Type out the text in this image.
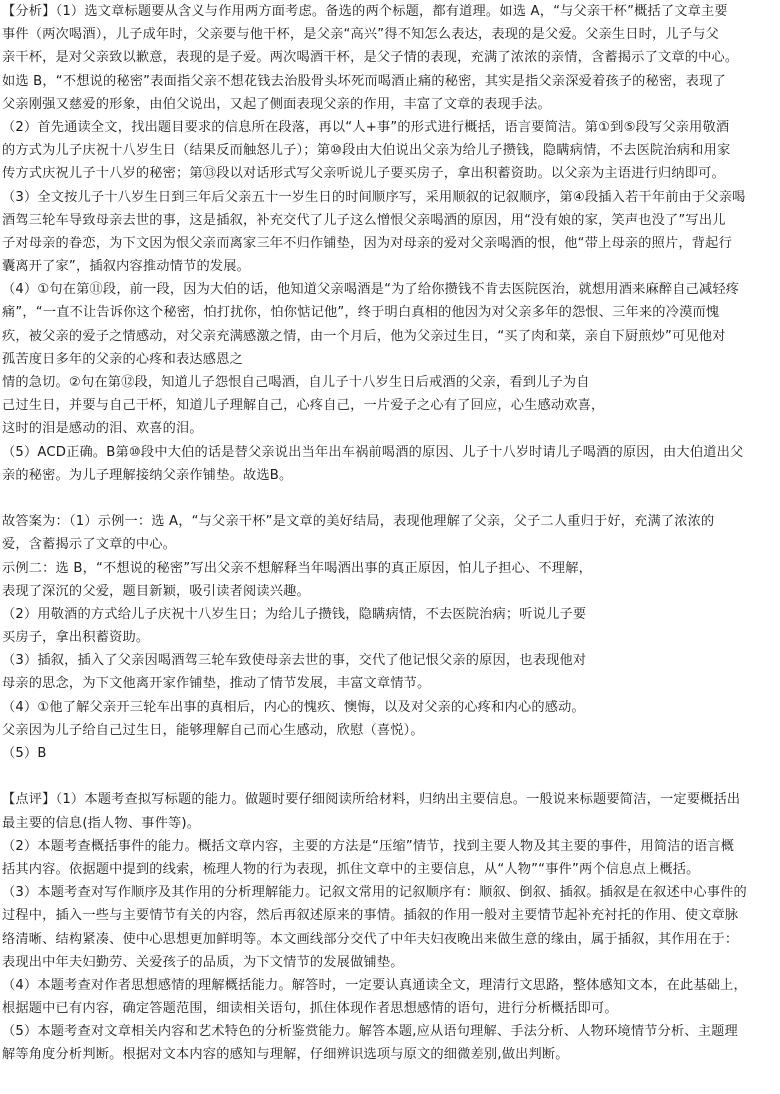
【分析】（1）选文章标题要从含义与作用两方面考虑。备选的两个标题，都有道理。如选 A，“与父亲干杯”概括了文章主要
事件（两次喝酒），儿子成年时，父亲要与他干杯，是父亲“高兴”得不知怎么表达，表现的是父爱。父亲生日时，儿子与父
亲干杯，是对父亲致以歉意，表现的是子爱。两次喝酒干杯，是父子情的表现，充满了浓浓的亲情，含蓄揭示了文章的中心。
如选 B，“不想说的秘密”表面指父亲不想花钱去治股骨头坏死而喝酒止痛的秘密，其实是指父亲深爱着孩子的秘密，表现了
父亲刚强又慈爱的形象，由伯父说出，又起了侧面表现父亲的作用，丰富了文章的表现手法。
（2）首先通读全文，找出题目要求的信息所在段落，再以“人+事”的形式进行概括，语言要简洁。第①到⑤段写父亲用敬酒
的方式为儿子庆祝十八岁生日（结果反而触怒儿子）；第⑩段由大伯说出父亲为给儿子攒钱，隐瞒病情，不去医院治病和用家
传方式庆祝儿子十八岁的秘密；第⑬段以对话形式写父亲听说儿子要买房子，拿出积蓄资助。以父亲为主语进行归纳即可。
（3）全文按儿子十八岁生日到三年后父亲五十一岁生日的时间顺序写，采用顺叙的记叙顺序，第④段插入若干年前由于父亲喝
酒驾三轮车导致母亲去世的事，这是插叙，补充交代了儿子这么憎恨父亲喝酒的原因，用“没有娘的家，笑声也没了”写出儿
子对母亲的眷恋，为下文因为恨父亲而离家三年不归作铺垫，因为对母亲的爱对父亲喝酒的恨，他“带上母亲的照片，背起行
囊离开了家”，插叙内容推动情节的发展。
（4）①句在第⑪段，前一段，因为大伯的话，他知道父亲喝酒是“为了给你攒钱不肯去医院医治，就想用酒来麻醉自己减轻疼
痛”，“一直不让告诉你这个秘密，怕打扰你，怕你惦记他”，终于明白真相的他因为对父亲多年的怨恨、三年来的冷漠而愧
疚，被父亲的爱子之情感动，对父亲充满感激之情，由一个月后，他为父亲过生日，“买了肉和菜，亲自下厨煎炒”可见他对
孤苦度日多年的父亲的心疼和表达感恩之
情的急切。②句在第⑫段，知道儿子怨恨自己喝酒，自儿子十八岁生日后戒酒的父亲，看到儿子为自
己过生日，并要与自己干杯，知道儿子理解自己，心疼自己，一片爱子之心有了回应，心生感动欢喜，
这时的泪是感动的泪、欢喜的泪。
（5）ACD正确。B第⑩段中大伯的话是替父亲说出当年出车祸前喝酒的原因、儿子十八岁时请儿子喝酒的原因，由大伯道出父
亲的秘密。为儿子理解接纳父亲作铺垫。故选B。
故答案为：（1）示例一：选 A，“与父亲干杯”是文章的美好结局，表现他理解了父亲，父子二人重归于好，充满了浓浓的
爱，含蓄揭示了文章的中心。
示例二：选 B，“不想说的秘密”写出父亲不想解释当年喝酒出事的真正原因，怕儿子担心、不理解，
表现了深沉的父爱，题目新颖，吸引读者阅读兴趣。
（2）用敬酒的方式给儿子庆祝十八岁生日；为给儿子攒钱，隐瞒病情，不去医院治病；听说儿子要
买房子，拿出积蓄资助。
（3）插叙，插入了父亲因喝酒驾三轮车致使母亲去世的事，交代了他记恨父亲的原因，也表现他对
母亲的思念，为下文他离开家作铺垫，推动了情节发展，丰富文章情节。
（4）①他了解父亲开三轮车出事的真相后，内心的愧疚、懊悔，以及对父亲的心疼和内心的感动。
父亲因为儿子给自己过生日，能够理解自己而心生感动，欣慰（喜悦）。
（5）B
【点评】（1）本题考查拟写标题的能力。做题时要仔细阅读所给材料，归纳出主要信息。一般说来标题要简洁，一定要概括出
最主要的信息(指人物、事件等)。
（2）本题考查概括事件的能力。概括文章内容，主要的方法是“压缩”情节，找到主要人物及其主要的事件，用简洁的语言概
括其内容。依据题中提到的线索，梳理人物的行为表现，抓住文章中的主要信息，从“人物”“事件”两个信息点上概括。
（3）本题考查对写作顺序及其作用的分析理解能力。记叙文常用的记叙顺序有：顺叙、倒叙、插叙。插叙是在叙述中心事件的
过程中，插入一些与主要情节有关的内容，然后再叙述原来的事情。插叙的作用一般对主要情节起补充衬托的作用、使文章脉
络清晰、结构紧凑、使中心思想更加鲜明等。本文画线部分交代了中年夫妇夜晚出来做生意的缘由，属于插叙，其作用在于：
表现出中年夫妇勤劳、关爱孩子的品质，为下文情节的发展做铺垫。
（4）本题考查对作者思想感情的理解概括能力。解答时，一定要认真通读全文，理清行文思路，整体感知文本，在此基础上，
根据题中已有内容，确定答题范围，细读相关语句，抓住体现作者思想感情的语句，进行分析概括即可。
（5）本题考查对文章相关内容和艺术特色的分析鉴赏能力。解答本题,应从语句理解、手法分析、人物环境情节分析、主题理
解等角度分析判断。根据对文本内容的感知与理解，仔细辨识选项与原文的细微差别,做出判断。
